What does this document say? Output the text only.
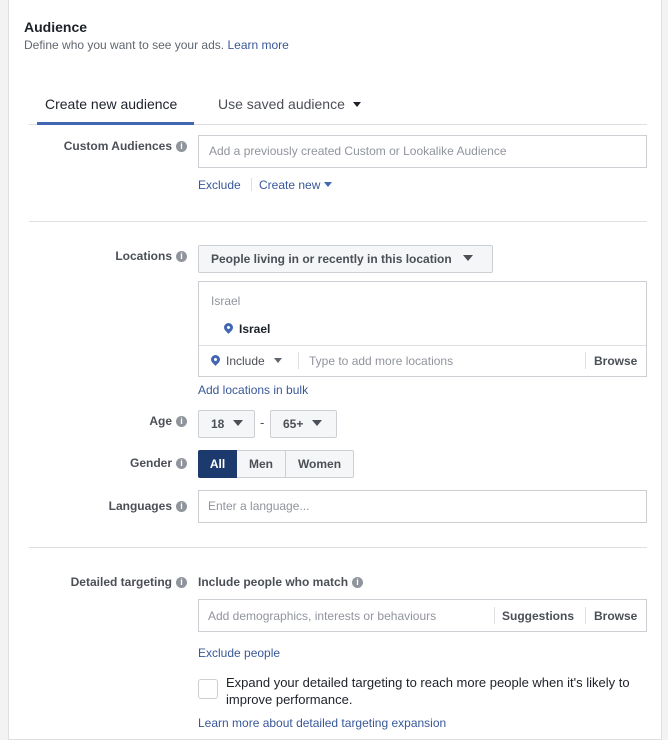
Audience
Define who you want to see your ads. Learn more
Create new audience	Use saved audience
Custom Audiences i	Add a previously created Custom or Lookalike Audience
Exclude Create new
Locations i	People living in or recently in this location
Israel
Israel
Include	Type to add more locations	Browse
Add locations in bulk
Age i	18	-	65+
Gender i	All	Men	Women
Languages i	Enter a language...
Detailed targeting i	Include people who match i
Add demographics, interests or behaviours	Suggestions Browse
Exclude people
Expand your detailed targeting to reach more people when it's likely to improve performance.
Learn more about detailed targeting expansion
